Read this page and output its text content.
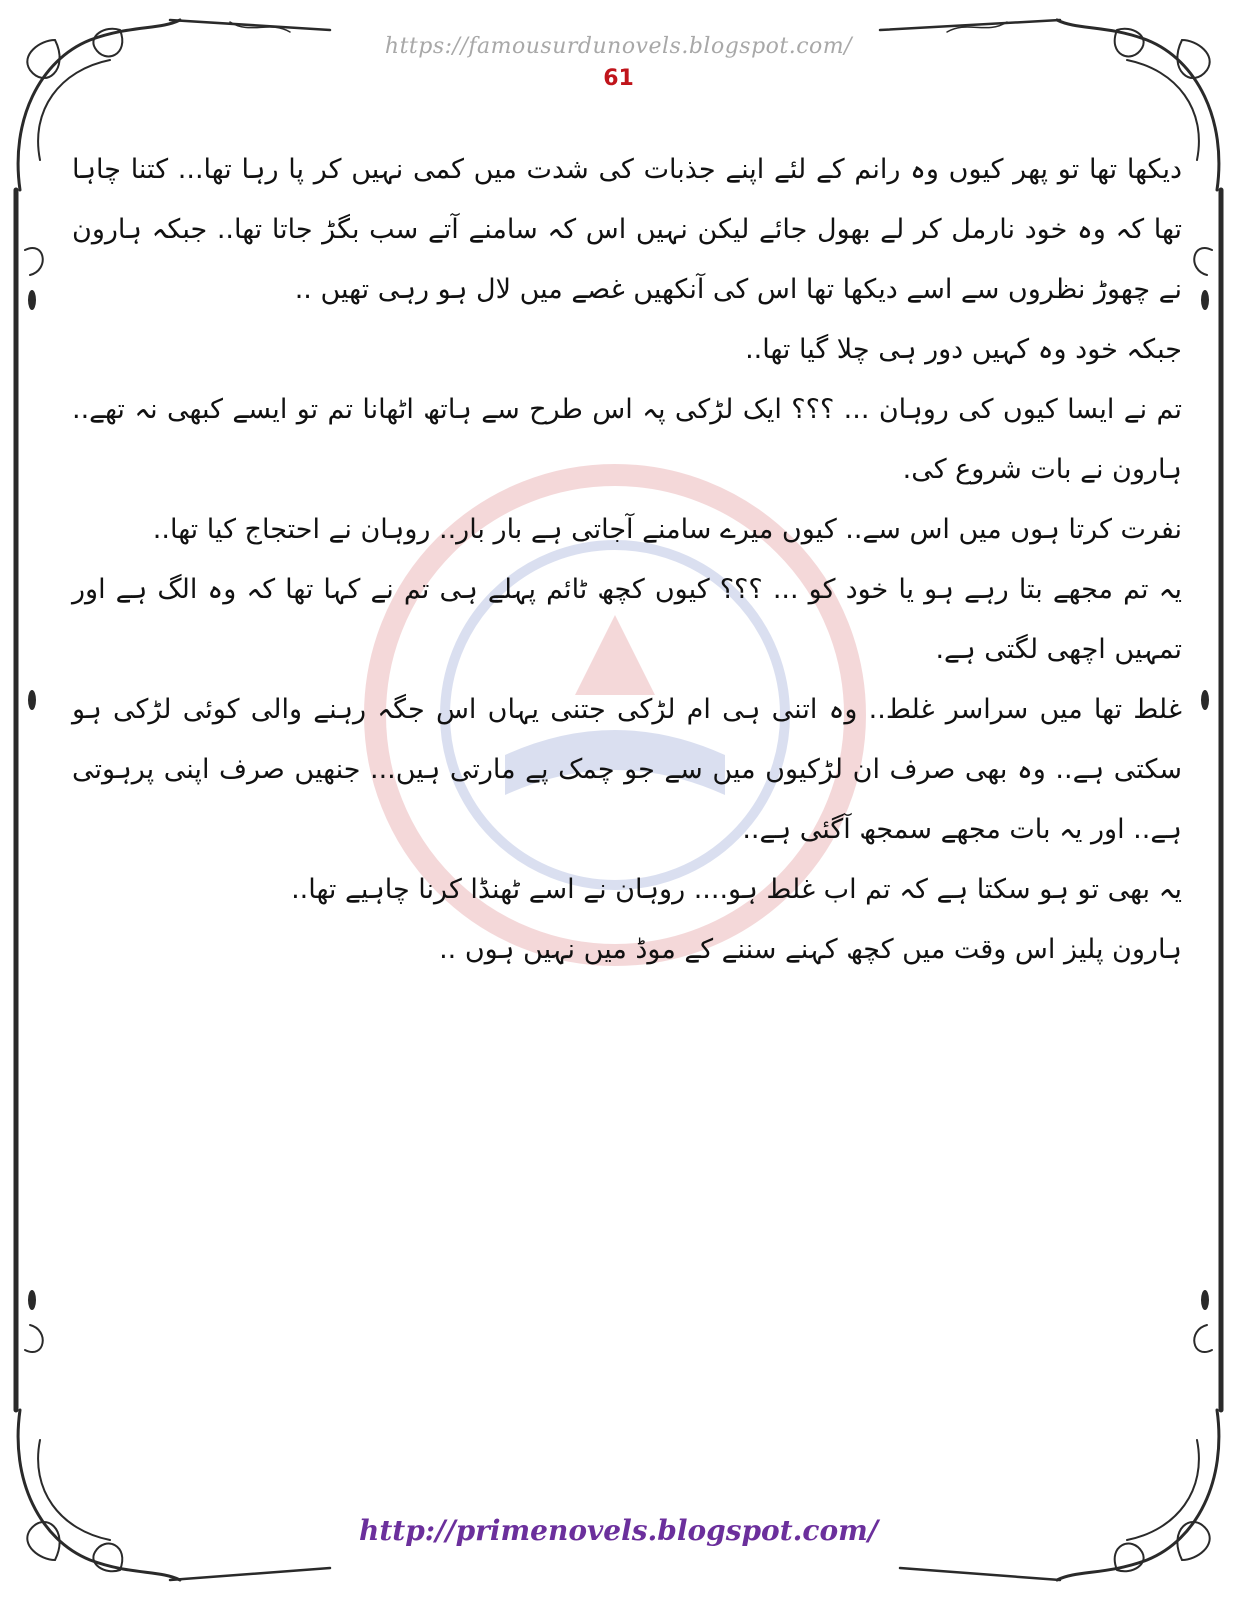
https://famousurdunovels.blogspot.com/
61

دیکھا تھا تو پھر کیوں وہ رانم کے لئے اپنے جذبات کی شدت میں کمی نہیں کر پا رہا تھا... کتنا چاہا تھا کہ وہ خود نارمل کر لے بھول جائے لیکن نہیں اس کہ سامنے آتے سب بگڑ جاتا تھا.. جبکہ ہارون نے چھوڑ نظروں سے اسے دیکھا تھا اس کی آنکھیں غصے میں لال ہو رہی تھیں ..

جبکہ خود وہ کہیں دور ہی چلا گیا تھا..

تم نے ایسا کیوں کی روہان ... ؟؟؟ ایک لڑکی پہ اس طرح سے ہاتھ اٹھانا تم تو ایسے کبھی نہ تھے.. ہارون نے بات شروع کی.

نفرت کرتا ہوں میں اس سے.. کیوں میرے سامنے آجاتی ہے بار بار.. روہان نے احتجاج کیا تھا..

یہ تم مجھے بتا رہے ہو یا خود کو ... ؟؟؟ کیوں کچھ ٹائم پہلے ہی تم نے کہا تھا کہ وہ الگ ہے اور تمہیں اچھی لگتی ہے.

غلط تھا میں سراسر غلط.. وہ اتنی ہی ام لڑکی جتنی یہاں اس جگہ رہنے والی کوئی لڑکی ہو سکتی ہے.. وہ بھی صرف ان لڑکیوں میں سے جو چمک پے مارتی ہیں... جنھیں صرف اپنی پرہوتی ہے.. اور یہ بات مجھے سمجھ آگئی ہے..

یہ بھی تو ہو سکتا ہے کہ تم اب غلط ہو.... روہان نے اسے ٹھنڈا کرنا چاہیے تھا..

ہارون پلیز اس وقت میں کچھ کہنے سننے کے موڈ میں نہیں ہوں ..

http://primenovels.blogspot.com/
